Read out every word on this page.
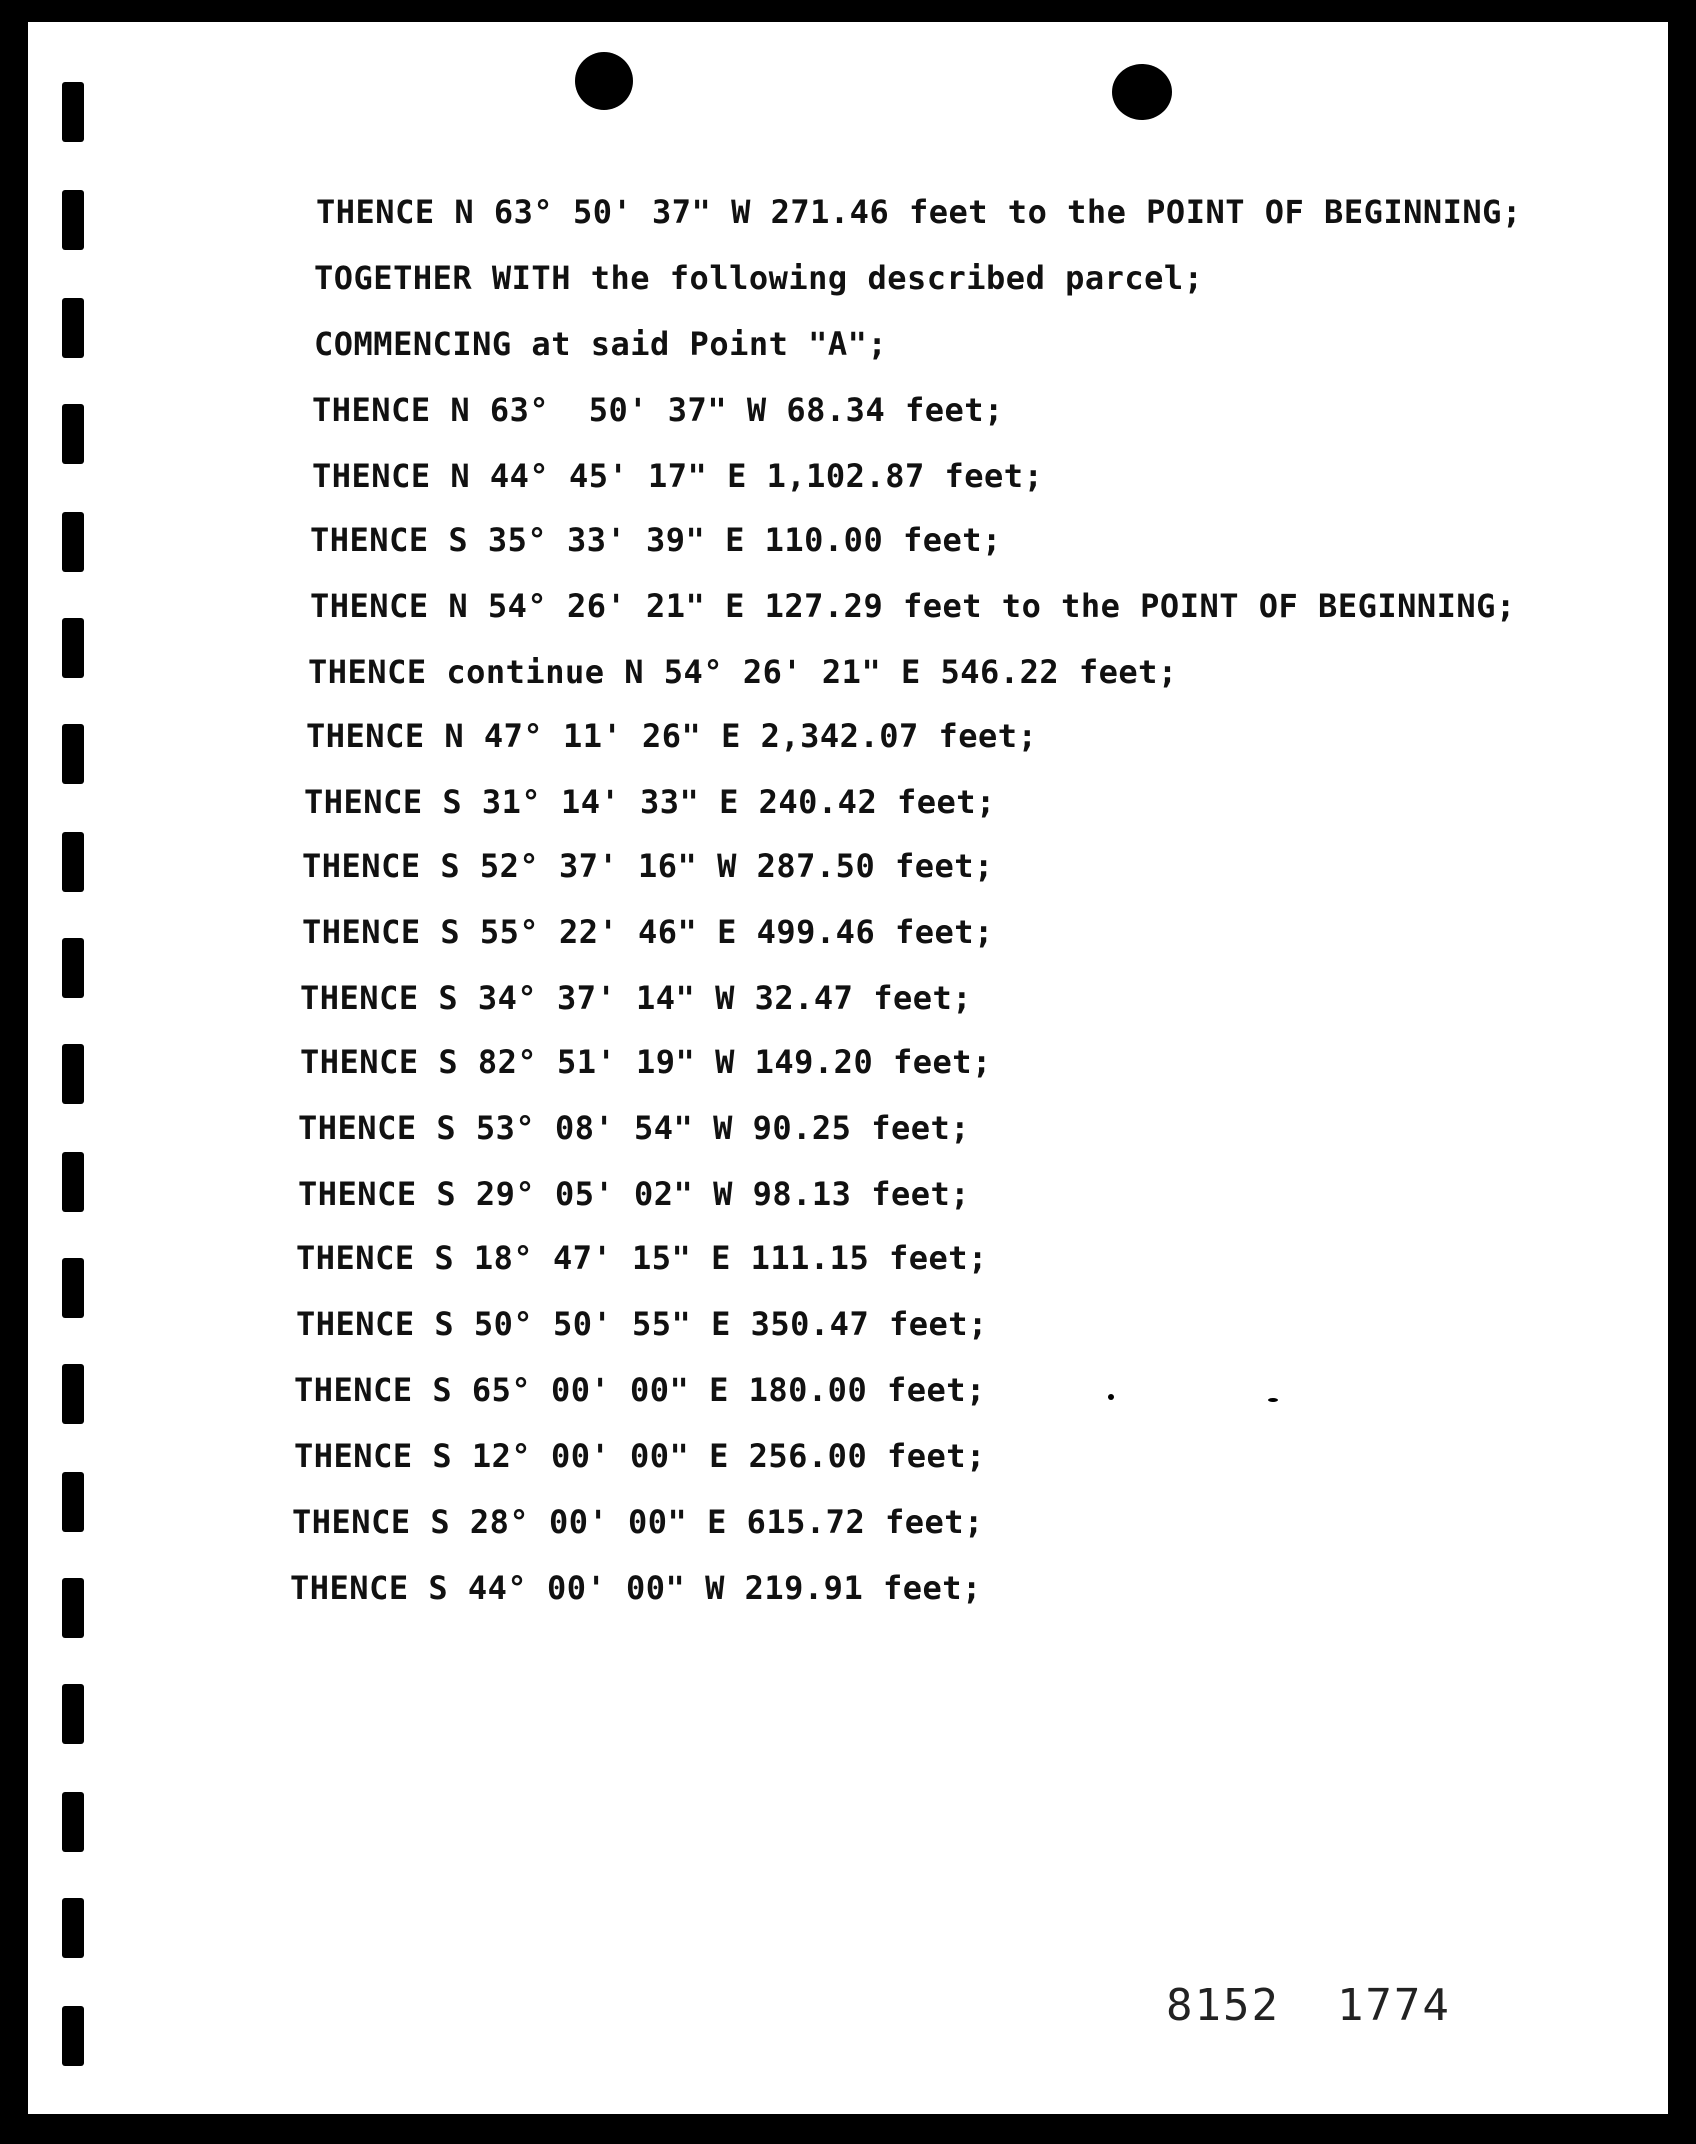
THENCE N 63° 50' 37" W 271.46 feet to the POINT OF BEGINNING;
TOGETHER WITH the following described parcel;
COMMENCING at said Point "A";
THENCE N 63°  50' 37" W 68.34 feet;
THENCE N 44° 45' 17" E 1,102.87 feet;
THENCE S 35° 33' 39" E 110.00 feet;
THENCE N 54° 26' 21" E 127.29 feet to the POINT OF BEGINNING;
THENCE continue N 54° 26' 21" E 546.22 feet;
THENCE N 47° 11' 26" E 2,342.07 feet;
THENCE S 31° 14' 33" E 240.42 feet;
THENCE S 52° 37' 16" W 287.50 feet;
THENCE S 55° 22' 46" E 499.46 feet;
THENCE S 34° 37' 14" W 32.47 feet;
THENCE S 82° 51' 19" W 149.20 feet;
THENCE S 53° 08' 54" W 90.25 feet;
THENCE S 29° 05' 02" W 98.13 feet;
THENCE S 18° 47' 15" E 111.15 feet;
THENCE S 50° 50' 55" E 350.47 feet;
THENCE S 65° 00' 00" E 180.00 feet;
THENCE S 12° 00' 00" E 256.00 feet;
THENCE S 28° 00' 00" E 615.72 feet;
THENCE S 44° 00' 00" W 219.91 feet;
8152  1774
